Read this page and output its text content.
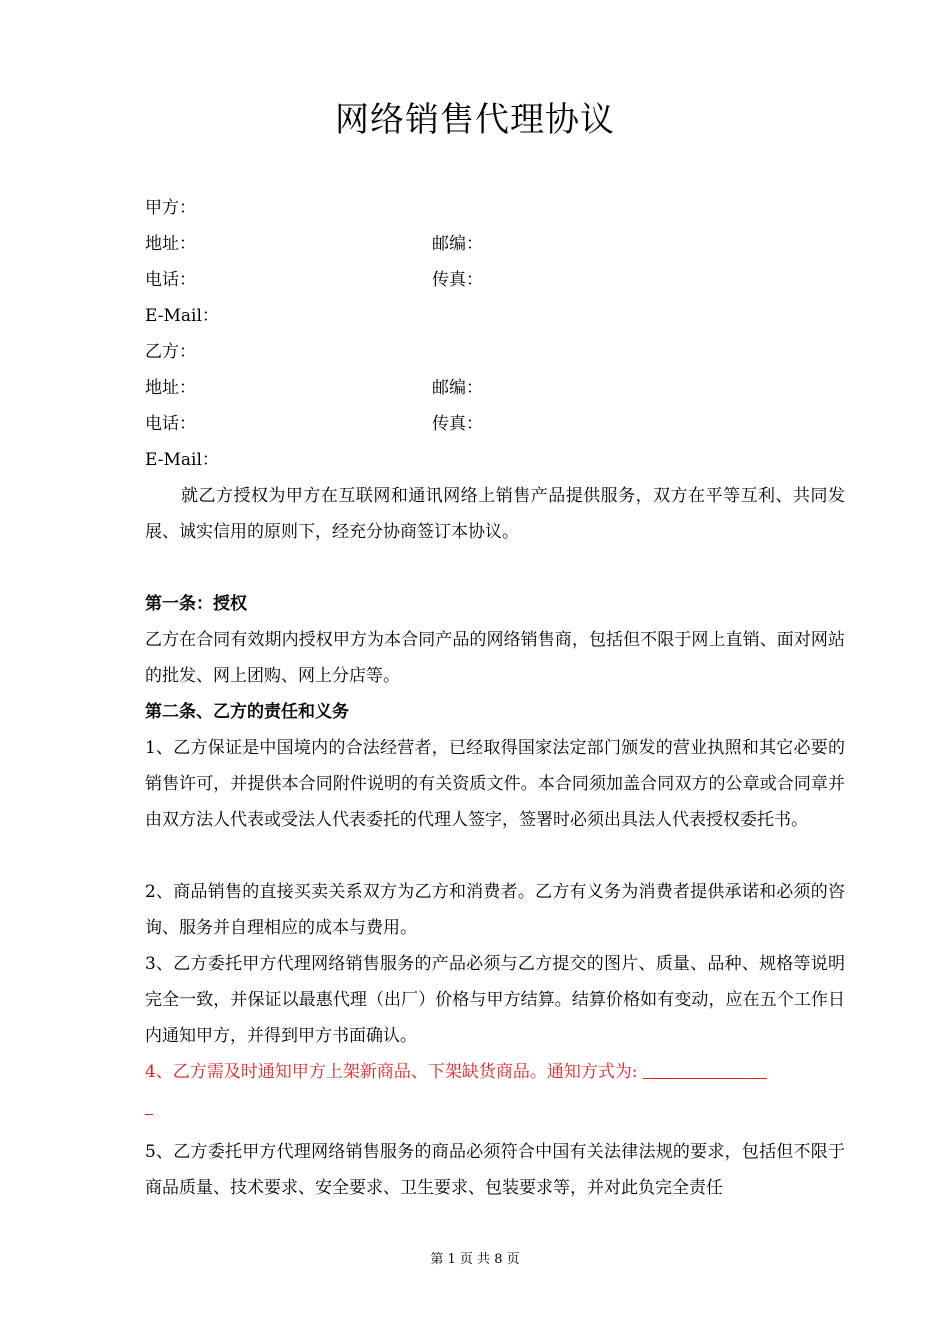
网络销售代理协议
甲方：
地址：	邮编：
电话：	传真：
E-Mail：
乙方：
地址：	邮编：
电话：	传真：
E-Mail：
就乙方授权为甲方在互联网和通讯网络上销售产品提供服务，双方在平等互利、共同发展、诚实信用的原则下，经充分协商签订本协议。
第一条：授权
乙方在合同有效期内授权甲方为本合同产品的网络销售商，包括但不限于网上直销、面对网站的批发、网上团购、网上分店等。
第二条、乙方的责任和义务
1、乙方保证是中国境内的合法经营者，已经取得国家法定部门颁发的营业执照和其它必要的销售许可，并提供本合同附件说明的有关资质文件。本合同须加盖合同双方的公章或合同章并由双方法人代表或受法人代表委托的代理人签字，签署时必须出具法人代表授权委托书。
2、商品销售的直接买卖关系双方为乙方和消费者。乙方有义务为消费者提供承诺和必须的咨询、服务并自理相应的成本与费用。
3、乙方委托甲方代理网络销售服务的产品必须与乙方提交的图片、质量、品种、规格等说明完全一致，并保证以最惠代理（出厂）价格与甲方结算。结算价格如有变动，应在五个工作日内通知甲方，并得到甲方书面确认。
4、乙方需及时通知甲方上架新商品、下架缺货商品。通知方式为:

5、乙方委托甲方代理网络销售服务的商品必须符合中国有关法律法规的要求，包括但不限于商品质量、技术要求、安全要求、卫生要求、包装要求等，并对此负完全责任
第 1 页 共 8 页
